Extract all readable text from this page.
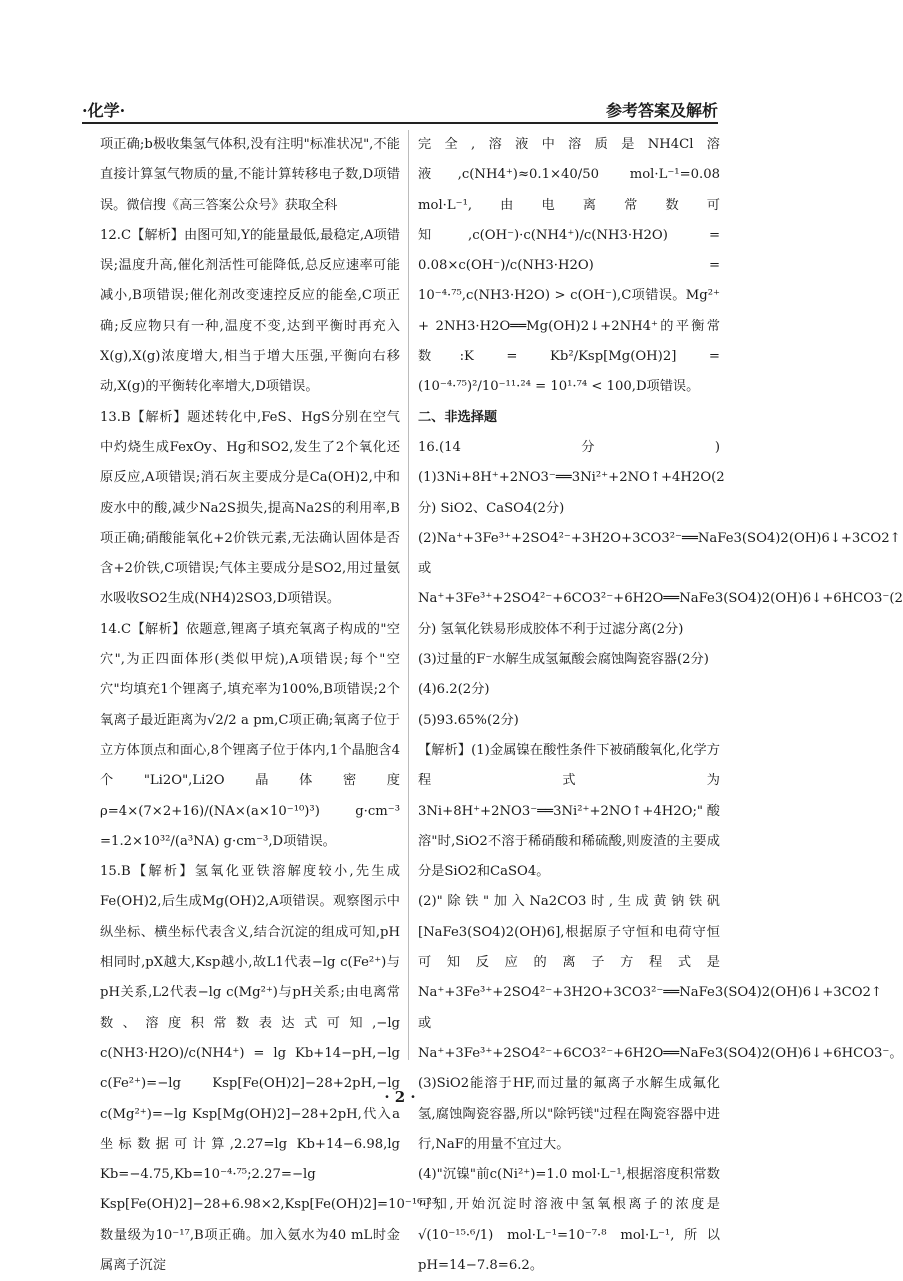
·化学·	参考答案及解析

项正确;b极收集氢气体积,没有注明"标准状况",不能直接计算氢气物质的量,不能计算转移电子数,D项错误。微信搜《高三答案公众号》获取全科

12.C【解析】由图可知,Y的能量最低,最稳定,A项错误;温度升高,催化剂活性可能降低,总反应速率可能减小,B项错误;催化剂改变速控反应的能垒,C项正确;反应物只有一种,温度不变,达到平衡时再充入X(g),X(g)浓度增大,相当于增大压强,平衡向右移动,X(g)的平衡转化率增大,D项错误。

13.B【解析】题述转化中,FeS、HgS分别在空气中灼烧生成FexOy、Hg和SO2,发生了2个氧化还原反应,A项错误;消石灰主要成分是Ca(OH)2,中和废水中的酸,减少Na2S损失,提高Na2S的利用率,B项正确;硝酸能氧化+2价铁元素,无法确认固体是否含+2价铁,C项错误;气体主要成分是SO2,用过量氨水吸收SO2生成(NH4)2SO3,D项错误。

14.C【解析】依题意,锂离子填充氧离子构成的"空穴",为正四面体形(类似甲烷),A项错误;每个"空穴"均填充1个锂离子,填充率为100%,B项错误;2个氧离子最近距离为√2/2 a pm,C项正确;氧离子位于立方体顶点和面心,8个锂离子位于体内,1个晶胞含4个"Li2O",Li2O晶体密度ρ=4×(7×2+16)/(NA×(a×10⁻¹⁰)³) g·cm⁻³ =1.2×10³²/(a³NA) g·cm⁻³,D项错误。

15.B【解析】氢氧化亚铁溶解度较小,先生成Fe(OH)2,后生成Mg(OH)2,A项错误。观察图示中纵坐标、横坐标代表含义,结合沉淀的组成可知,pH相同时,pX越大,Ksp越小,故L1代表−lg c(Fe²⁺)与pH关系,L2代表−lg c(Mg²⁺)与pH关系;由电离常数、溶度积常数表达式可知,−lg c(NH3·H2O)/c(NH4⁺) = lg Kb+14−pH,−lg c(Fe²⁺)=−lg Ksp[Fe(OH)2]−28+2pH,−lg c(Mg²⁺)=−lg Ksp[Mg(OH)2]−28+2pH,代入a坐标数据可计算,2.27=lg Kb+14−6.98,lg Kb=−4.75,Kb=10⁻⁴·⁷⁵;2.27=−lg Ksp[Fe(OH)2]−28+6.98×2,Ksp[Fe(OH)2]=10⁻¹⁶·²³,数量级为10⁻¹⁷,B项正确。加入氨水为40 mL时金属离子沉淀

完全,溶液中溶质是NH4Cl溶液,c(NH4⁺)≈0.1×40/50 mol·L⁻¹=0.08 mol·L⁻¹,由电离常数可知,c(OH⁻)·c(NH4⁺)/c(NH3·H2O) = 0.08×c(OH⁻)/c(NH3·H2O) = 10⁻⁴·⁷⁵,c(NH3·H2O) > c(OH⁻),C项错误。Mg²⁺ + 2NH3·H2O══Mg(OH)2↓+2NH4⁺的平衡常数:K = Kb²/Ksp[Mg(OH)2] = (10⁻⁴·⁷⁵)²/10⁻¹¹·²⁴ = 10¹·⁷⁴ < 100,D项错误。

二、非选择题

16.(14分)(1)3Ni+8H⁺+2NO3⁻══3Ni²⁺+2NO↑+4H2O(2分) SiO2、CaSO4(2分)

(2)Na⁺+3Fe³⁺+2SO4²⁻+3H2O+3CO3²⁻══NaFe3(SO4)2(OH)6↓+3CO2↑或Na⁺+3Fe³⁺+2SO4²⁻+6CO3²⁻+6H2O══NaFe3(SO4)2(OH)6↓+6HCO3⁻(2分) 氢氧化铁易形成胶体不利于过滤分离(2分)

(3)过量的F⁻水解生成氢氟酸会腐蚀陶瓷容器(2分)

(4)6.2(2分)

(5)93.65%(2分)

【解析】(1)金属镍在酸性条件下被硝酸氧化,化学方程式为3Ni+8H⁺+2NO3⁻══3Ni²⁺+2NO↑+4H2O;"酸溶"时,SiO2不溶于稀硝酸和稀硫酸,则废渣的主要成分是SiO2和CaSO4。

(2)"除铁"加入Na2CO3时,生成黄钠铁矾[NaFe3(SO4)2(OH)6],根据原子守恒和电荷守恒可知反应的离子方程式是Na⁺+3Fe³⁺+2SO4²⁻+3H2O+3CO3²⁻══NaFe3(SO4)2(OH)6↓+3CO2↑或Na⁺+3Fe³⁺+2SO4²⁻+6CO3²⁻+6H2O══NaFe3(SO4)2(OH)6↓+6HCO3⁻。

(3)SiO2能溶于HF,而过量的氟离子水解生成氟化氢,腐蚀陶瓷容器,所以"除钙镁"过程在陶瓷容器中进行,NaF的用量不宜过大。

(4)"沉镍"前c(Ni²⁺)=1.0 mol·L⁻¹,根据溶度积常数可知,开始沉淀时溶液中氢氧根离子的浓度是√(10⁻¹⁵·⁶/1) mol·L⁻¹=10⁻⁷·⁸ mol·L⁻¹,所以pH=14−7.8=6.2。

· 2 ·
